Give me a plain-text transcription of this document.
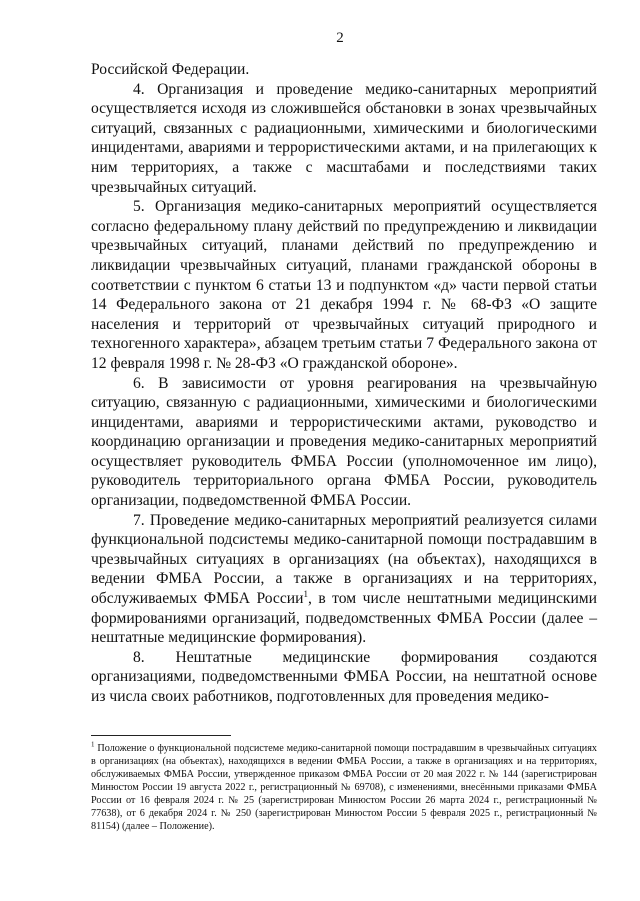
2

Российской Федерации.

4. Организация и проведение медико-санитарных мероприятий осуществляется исходя из сложившейся обстановки в зонах чрезвычайных ситуаций, связанных с радиационными, химическими и биологическими инцидентами, авариями и террористическими актами, и на прилегающих к ним территориях, а также с масштабами и последствиями таких чрезвычайных ситуаций.

5. Организация медико-санитарных мероприятий осуществляется согласно федеральному плану действий по предупреждению и ликвидации чрезвычайных ситуаций, планами действий по предупреждению и ликвидации чрезвычайных ситуаций, планами гражданской обороны в соответствии с пунктом 6 статьи 13 и подпунктом «д» части первой статьи 14 Федерального закона от 21 декабря 1994 г. № 68-ФЗ «О защите населения и территорий от чрезвычайных ситуаций природного и техногенного характера», абзацем третьим статьи 7 Федерального закона от 12 февраля 1998 г. № 28-ФЗ «О гражданской обороне».

6. В зависимости от уровня реагирования на чрезвычайную ситуацию, связанную с радиационными, химическими и биологическими инцидентами, авариями и террористическими актами, руководство и координацию организации и проведения медико-санитарных мероприятий осуществляет руководитель ФМБА России (уполномоченное им лицо), руководитель территориального органа ФМБА России, руководитель организации, подведомственной ФМБА России.

7. Проведение медико-санитарных мероприятий реализуется силами функциональной подсистемы медико-санитарной помощи пострадавшим в чрезвычайных ситуациях в организациях (на объектах), находящихся в ведении ФМБА России, а также в организациях и на территориях, обслуживаемых ФМБА России$^1$, в том числе нештатными медицинскими формированиями организаций, подведомственных ФМБА России (далее – нештатные медицинские формирования).

8. Нештатные медицинские формирования создаются организациями, подведомственными ФМБА России, на нештатной основе из числа своих работников, подготовленных для проведения медико-

$^1$ Положение о функциональной подсистеме медико-санитарной помощи пострадавшим в чрезвычайных ситуациях в организациях (на объектах), находящихся в ведении ФМБА России, а также в организациях и на территориях, обслуживаемых ФМБА России, утвержденное приказом ФМБА России от 20 мая 2022 г. № 144 (зарегистрирован Минюстом России 19 августа 2022 г., регистрационный № 69708), с изменениями, внесёнными приказами ФМБА России от 16 февраля 2024 г. № 25 (зарегистрирован Минюстом России 26 марта 2024 г., регистрационный № 77638), от 6 декабря 2024 г. № 250 (зарегистрирован Минюстом России 5 февраля 2025 г., регистрационный № 81154) (далее – Положение).
